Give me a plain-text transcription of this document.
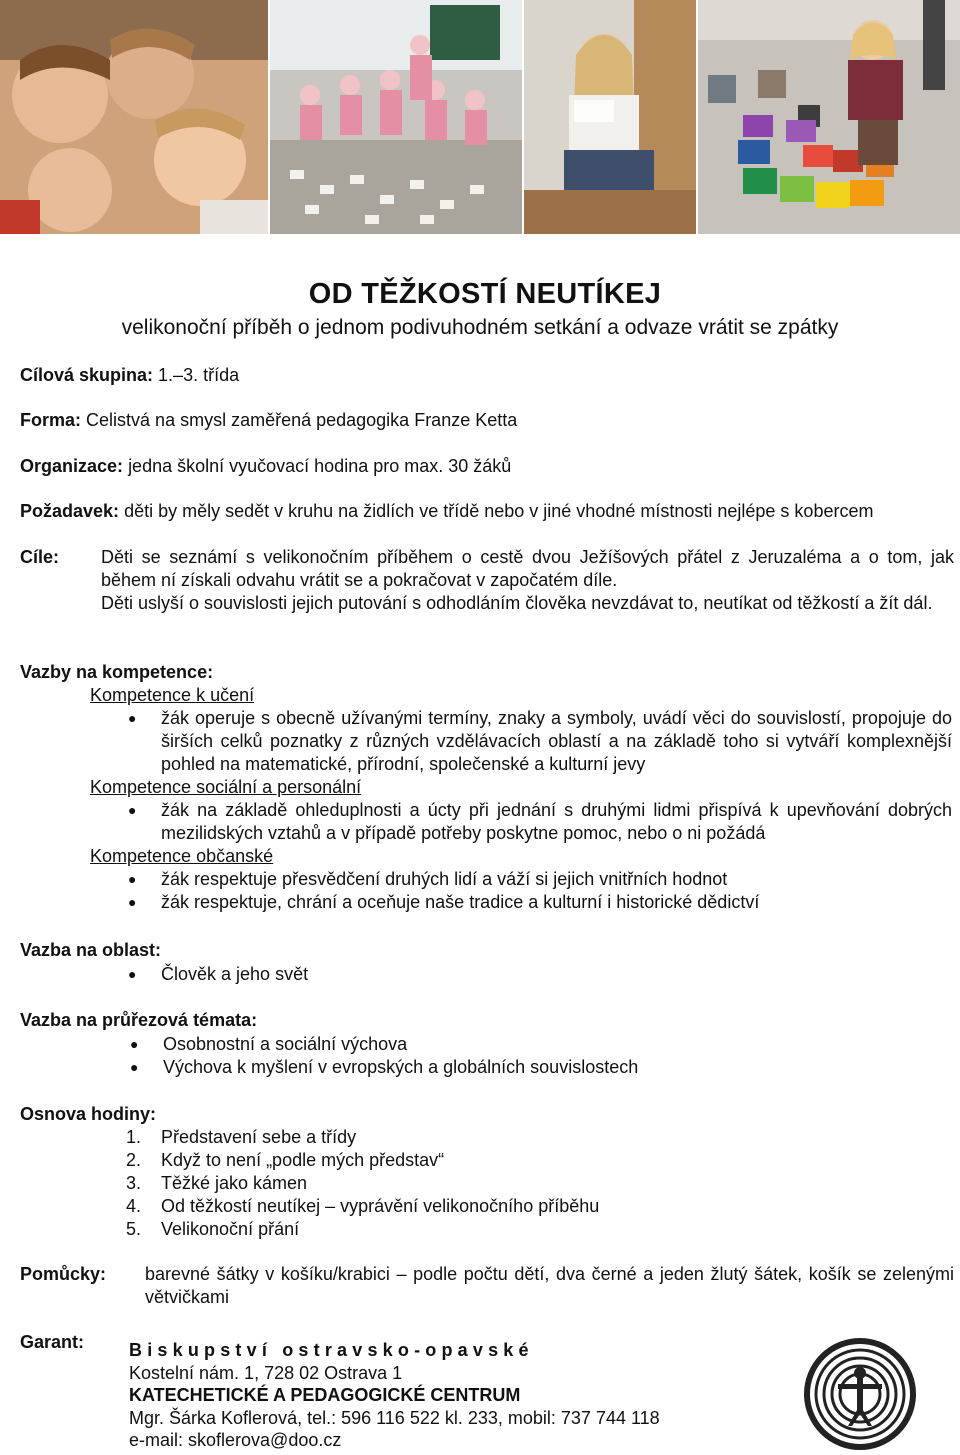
OD TĚŽKOSTÍ NEUTÍKEJ
velikonoční příběh o jednom podivuhodném setkání a odvaze vrátit se zpátky
Cílová skupina: 1.–3. třída
Forma: Celistvá na smysl zaměřená pedagogika Franze Ketta
Organizace: jedna školní vyučovací hodina pro max. 30 žáků
Požadavek: děti by měly sedět v kruhu na židlích ve třídě nebo v jiné vhodné místnosti nejlépe s kobercem
Cíle: Děti se seznámí s velikonočním příběhem o cestě dvou Ježíšových přátel z Jeruzaléma a o tom, jak během ní získali odvahu vrátit se a pokračovat v započatém díle.
Děti uslyší o souvislosti jejich putování s odhodláním člověka nevzdávat to, neutíkat od těžkostí a žít dál.
Vazby na kompetence:
Kompetence k učení
● žák operuje s obecně užívanými termíny, znaky a symboly, uvádí věci do souvislostí, propojuje do širších celků poznatky z různých vzdělávacích oblastí a na základě toho si vytváří komplexnější pohled na matematické, přírodní, společenské a kulturní jevy
Kompetence sociální a personální
● žák na základě ohleduplnosti a úcty při jednání s druhými lidmi přispívá k upevňování dobrých mezilidských vztahů a v případě potřeby poskytne pomoc, nebo o ni požádá
Kompetence občanské
● žák respektuje přesvědčení druhých lidí a váží si jejich vnitřních hodnot
● žák respektuje, chrání a oceňuje naše tradice a kulturní i historické dědictví
Vazba na oblast:
● Člověk a jeho svět
Vazba na průřezová témata:
● Osobnostní a sociální výchova
● Výchova k myšlení v evropských a globálních souvislostech
Osnova hodiny:
1. Představení sebe a třídy
2. Když to není „podle mých představ“
3. Těžké jako kámen
4. Od těžkostí neutíkej – vyprávění velikonočního příběhu
5. Velikonoční přání
Pomůcky: barevné šátky v košíku/krabici – podle počtu dětí, dva černé a jeden žlutý šátek, košík se zelenými větvičkami
Garant: Biskupství ostravsko-opavské
Kostelní nám. 1, 728 02 Ostrava 1
KATECHETICKÉ A PEDAGOGICKÉ CENTRUM
Mgr. Šárka Koflerová, tel.: 596 116 522 kl. 233, mobil: 737 744 118
e-mail: skoflerova@doo.cz
